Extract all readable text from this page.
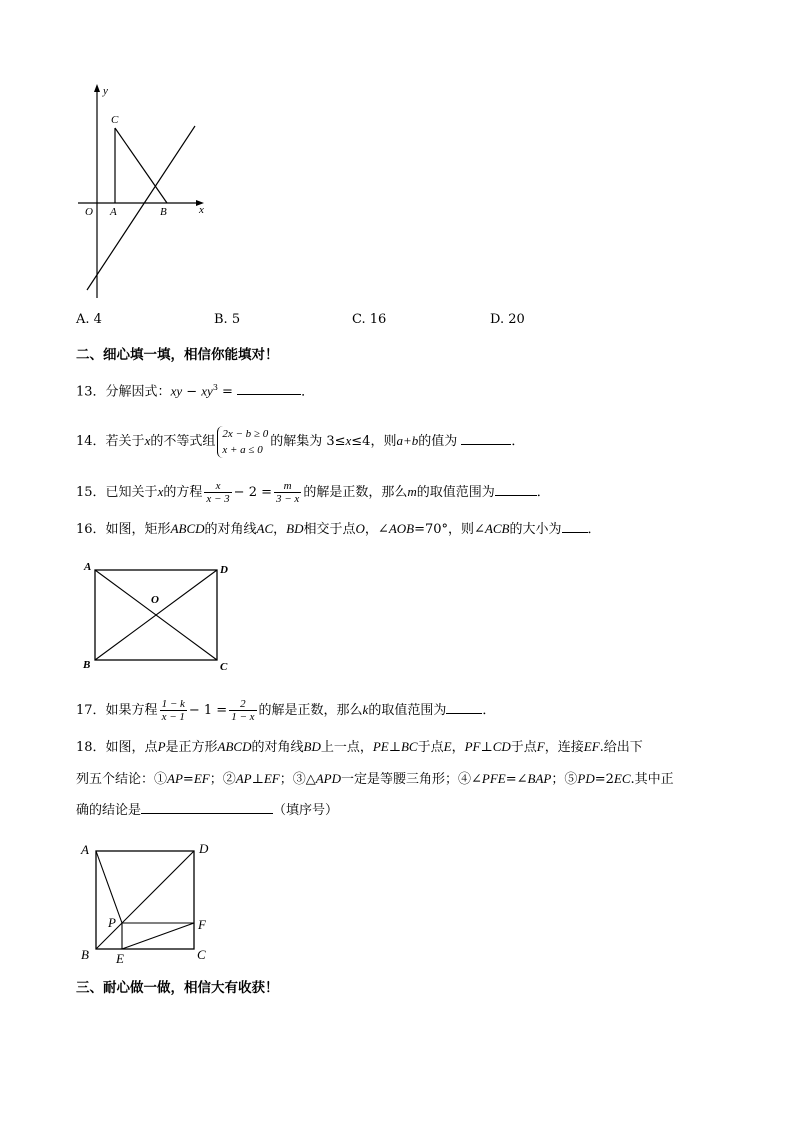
y
C
O A	B	x
A. 4	B. 5	C. 16	D. 20
二、细心填一填，相信你能填对！
13．分解因式：xy − $xy^3$ =	．
14．若关于x的不等式组
2x − b ≥ 0
x + a ≤ 0
的解集为 3≤x≤4，则a+b的值为	．
15．已知关于x的方程 $\frac{x}{x - 3} - 2 = \frac{m}{3 - x}$ 的解是正数，那么m的取值范围为	．
16．如图，矩形ABCD的对角线AC，BD相交于点O，∠AOB=70°，则∠ACB的大小为 ．
A	D
O
B	C
17．如果方程 $\frac{1 - k}{x - 1} - 1 = \frac{2}{1 - x}$ 的解是正数，那么k的取值范围为	．
18．如图，点P是正方形ABCD的对角线BD上一点，PE⊥BC于点E，PF⊥CD于点F，连接EF.给出下
列五个结论：①AP=EF；②AP⊥EF；③△APD一定是等腰三角形；④∠PFE=∠BAP；⑤PD=2EC.其中正
确的结论是	（填序号）
A	D
P	F
B E	C
三、耐心做一做，相信大有收获！
